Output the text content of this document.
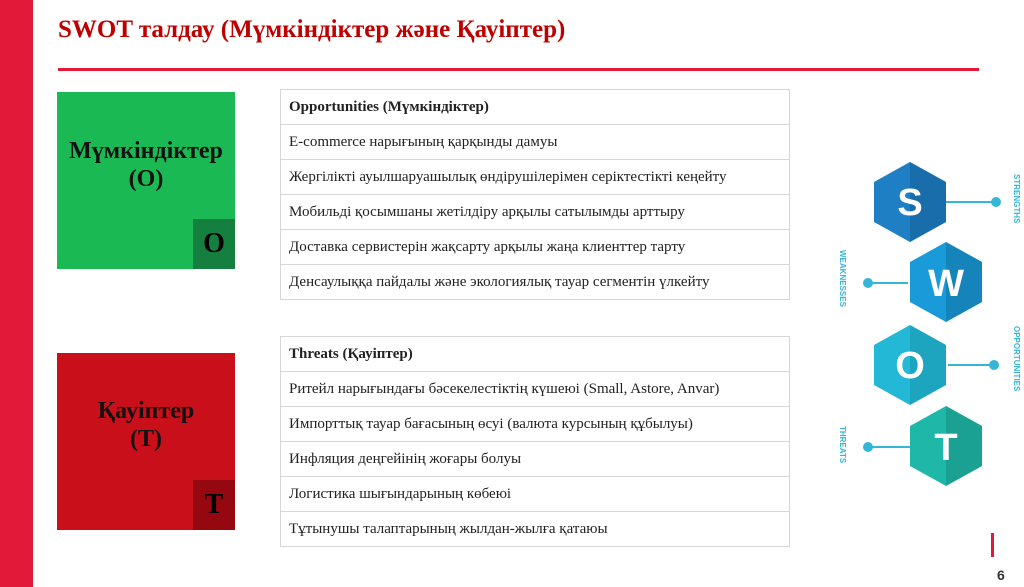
SWOT талдау (Мүмкіндіктер және Қауіптер)
Мүмкіндіктер
(O)
O
Қауіптер
(T)
T
Opportunities (Мүмкіндіктер)
E-commerce нарығының қарқынды дамуы
Жергілікті ауылшаруашылық өндірушілерімен серіктестікті кеңейту
Мобильді қосымшаны жетілдіру арқылы сатылымды арттыру
Доставка сервистерін жақсарту арқылы жаңа клиенттер тарту
Денсаулыққа пайдалы және экологиялық тауар сегментін үлкейту
Threats (Қауіптер)
Ритейл нарығындағы бәсекелестіктің күшеюі (Small, Astore, Anvar)
Импорттық тауар бағасының өсуі (валюта курсының құбылуы)
Инфляция деңгейінің жоғары болуы
Логистика шығындарының көбеюі
Тұтынушы талаптарының жылдан-жылға қатаюы
S
W
O
T
STRENGTHS
WEAKNESSES
OPPORTUNITIES
THREATS
6
